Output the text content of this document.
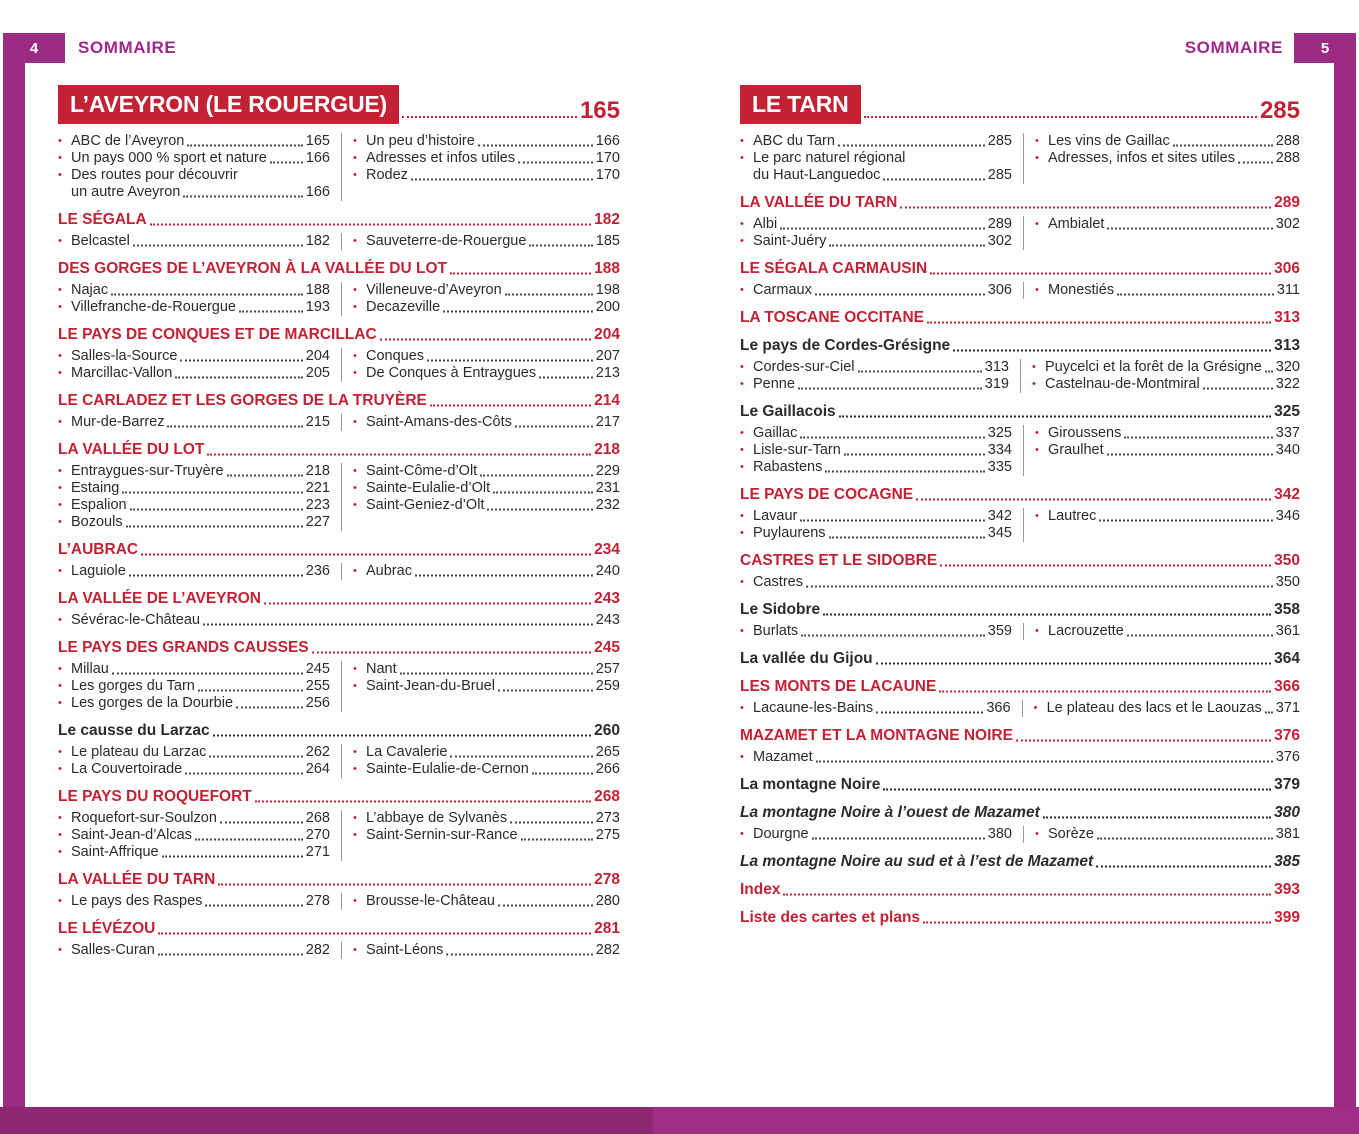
4	5
SOMMAIRE	SOMMAIRE
L’AVEYRON (LE ROUERGUE)	165
• ABC de l’Aveyron	165
• Un pays 000 % sport et nature	166
• Des routes pour découvrir
un autre Aveyron	166
• Un peu d’histoire	166
• Adresses et infos utiles	170
• Rodez	170
LE SÉGALA	182
• Belcastel	182 • Sauveterre-de-Rouergue	185
DES GORGES DE L’AVEYRON À LA VALLÉE DU LOT	188
• Najac	188
• Villefranche-de-Rouergue	193
• Villeneuve-d’Aveyron	198
• Decazeville	200
LE PAYS DE CONQUES ET DE MARCILLAC	204
• Salles-la-Source	204
• Marcillac-Vallon	205
• Conques	207
• De Conques à Entraygues	213
LE CARLADEZ ET LES GORGES DE LA TRUYÈRE	214
• Mur-de-Barrez	215 • Saint-Amans-des-Côts	217
LA VALLÉE DU LOT	218
• Entraygues-sur-Truyère	218
• Estaing	221
• Espalion	223
• Bozouls	227
• Saint-Côme-d’Olt	229
• Sainte-Eulalie-d’Olt	231
• Saint-Geniez-d’Olt	232
L’AUBRAC	234
• Laguiole	236 • Aubrac	240
LA VALLÉE DE L’AVEYRON	243
• Sévérac-le-Château	243
LE PAYS DES GRANDS CAUSSES	245
• Millau	245
• Les gorges du Tarn	255
• Les gorges de la Dourbie	256
• Nant	257
• Saint-Jean-du-Bruel	259
Le causse du Larzac	260
• Le plateau du Larzac	262
• La Couvertoirade	264
• La Cavalerie	265
• Sainte-Eulalie-de-Cernon	266
LE PAYS DU ROQUEFORT	268
• Roquefort-sur-Soulzon	268
• Saint-Jean-d’Alcas	270
• Saint-Affrique	271
• L’abbaye de Sylvanès	273
• Saint-Sernin-sur-Rance	275
LA VALLÉE DU TARN	278
• Le pays des Raspes	278 • Brousse-le-Château	280
LE LÉVÉZOU	281
• Salles-Curan	282 • Saint-Léons	282
LE TARN	285
• ABC du Tarn	285
• Le parc naturel régional
du Haut-Languedoc	285
• Les vins de Gaillac	288
• Adresses, infos et sites utiles	288
LA VALLÉE DU TARN	289
• Albi	289
• Saint-Juéry	302
• Ambialet	302
LE SÉGALA CARMAUSIN	306
• Carmaux	306 • Monestiés	311
LA TOSCANE OCCITANE	313
Le pays de Cordes-Grésigne	313
• Cordes-sur-Ciel	313
• Penne	319
• Puycelci et la forêt de la Grésigne 320
• Castelnau-de-Montmiral	322
Le Gaillacois	325
• Gaillac	325
• Lisle-sur-Tarn	334
• Rabastens	335
• Giroussens	337
• Graulhet	340
LE PAYS DE COCAGNE	342
• Lavaur	342
• Puylaurens	345
• Lautrec	346
CASTRES ET LE SIDOBRE	350
• Castres	350
Le Sidobre	358
• Burlats	359 • Lacrouzette	361
La vallée du Gijou	364
LES MONTS DE LACAUNE	366
• Lacaune-les-Bains	366 • Le plateau des lacs et le Laouzas 371
MAZAMET ET LA MONTAGNE NOIRE	376
• Mazamet	376
La montagne Noire	379
La montagne Noire à l’ouest de Mazamet	380
• Dourgne	380 • Sorèze	381
La montagne Noire au sud et à l’est de Mazamet	385
Index	393
Liste des cartes et plans	399
